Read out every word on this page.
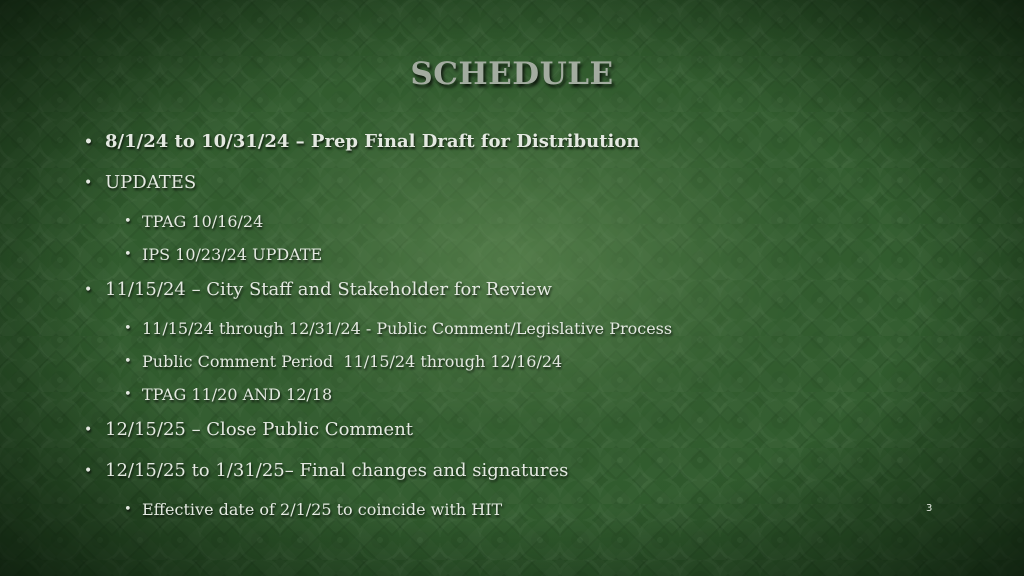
SCHEDULE
• 8/1/24 to 10/31/24 – Prep Final Draft for Distribution
• UPDATES
• TPAG 10/16/24
• IPS 10/23/24 UPDATE
• 11/15/24 – City Staff and Stakeholder for Review
• 11/15/24 through 12/31/24 - Public Comment/Legislative Process
• Public Comment Period  11/15/24 through 12/16/24
• TPAG 11/20 AND 12/18
• 12/15/25 – Close Public Comment
• 12/15/25 to 1/31/25– Final changes and signatures
• Effective date of 2/1/25 to coincide with HIT	3
